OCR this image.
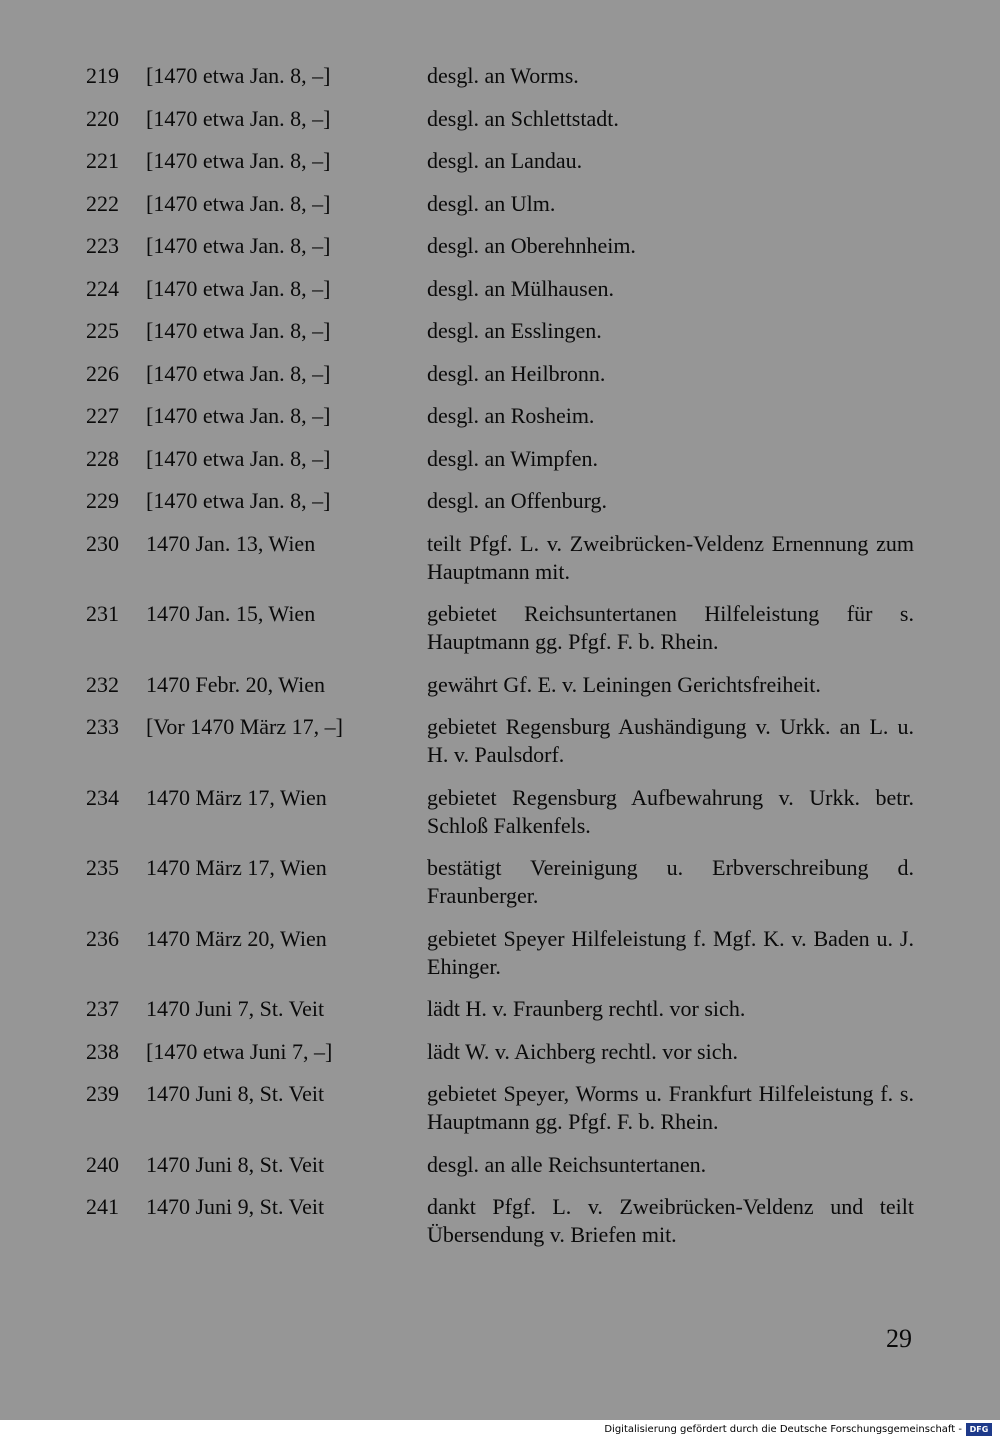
219	[1470 etwa Jan. 8, –]	desgl. an Worms.
220	[1470 etwa Jan. 8, –]	desgl. an Schlettstadt.
221	[1470 etwa Jan. 8, –]	desgl. an Landau.
222	[1470 etwa Jan. 8, –]	desgl. an Ulm.
223	[1470 etwa Jan. 8, –]	desgl. an Oberehnheim.
224	[1470 etwa Jan. 8, –]	desgl. an Mülhausen.
225	[1470 etwa Jan. 8, –]	desgl. an Esslingen.
226	[1470 etwa Jan. 8, –]	desgl. an Heilbronn.
227	[1470 etwa Jan. 8, –]	desgl. an Rosheim.
228	[1470 etwa Jan. 8, –]	desgl. an Wimpfen.
229	[1470 etwa Jan. 8, –]	desgl. an Offenburg.
230	1470 Jan. 13, Wien	teilt Pfgf. L. v. Zweibrücken-Veldenz Ernennung zum Hauptmann mit.
231	1470 Jan. 15, Wien	gebietet Reichsuntertanen Hilfeleistung für s. Hauptmann gg. Pfgf. F. b. Rhein.
232	1470 Febr. 20, Wien	gewährt Gf. E. v. Leiningen Gerichtsfreiheit.
233	[Vor 1470 März 17, –]	gebietet Regensburg Aushändigung v. Urkk. an L. u. H. v. Paulsdorf.
234	1470 März 17, Wien	gebietet Regensburg Aufbewahrung v. Urkk. betr. Schloß Falkenfels.
235	1470 März 17, Wien	bestätigt Vereinigung u. Erbverschreibung d. Fraunberger.
236	1470 März 20, Wien	gebietet Speyer Hilfeleistung f. Mgf. K. v. Baden u. J. Ehinger.
237	1470 Juni 7, St. Veit	lädt H. v. Fraunberg rechtl. vor sich.
238	[1470 etwa Juni 7, –]	lädt W. v. Aichberg rechtl. vor sich.
239	1470 Juni 8, St. Veit	gebietet Speyer, Worms u. Frankfurt Hilfeleistung f. s. Hauptmann gg. Pfgf. F. b. Rhein.
240	1470 Juni 8, St. Veit	desgl. an alle Reichsuntertanen.
241	1470 Juni 9, St. Veit	dankt Pfgf. L. v. Zweibrücken-Veldenz und teilt Übersendung v. Briefen mit.
29
Digitalisierung gefördert durch die Deutsche Forschungsgemeinschaft - DFG
